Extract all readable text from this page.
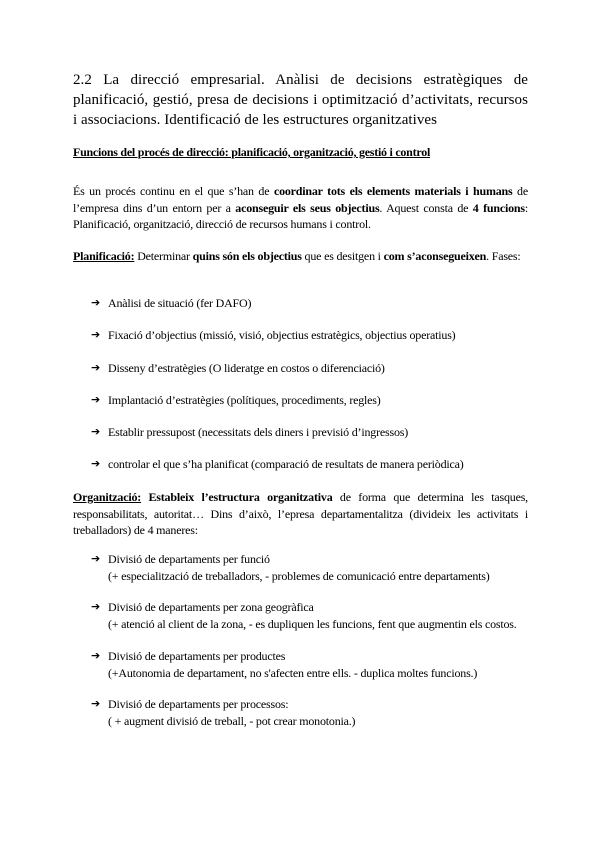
2.2 La direcció empresarial. Anàlisi de decisions estratègiques de planificació, gestió, presa de decisions i optimització d’activitats, recursos i associacions. Identificació de les estructures organitzatives
Funcions del procés de direcció: planificació, organització, gestió i control
És un procés continu en el que s’han de coordinar tots els elements materials i humans de l’empresa dins d’un entorn per a aconseguir els seus objectius. Aquest consta de 4 funcions: Planificació, organització, direcció de recursos humans i control.
Planificació: Determinar quins són els objectius que es desitgen i com s’aconsegueixen. Fases:
➔ Anàlisi de situació (fer DAFO)
➔ Fixació d’objectius (missió, visió, objectius estratègics, objectius operatius)
➔ Disseny d’estratègies (O lideratge en costos o diferenciació)
➔ Implantació d’estratègies (polítiques, procediments, regles)
➔ Establir pressupost (necessitats dels diners i previsió d’ingressos)
➔ controlar el que s’ha planificat (comparació de resultats de manera periòdica)
Organització: Estableix l’estructura organitzativa de forma que determina les tasques, responsabilitats, autoritat… Dins d’això, l’epresa departamentalitza (divideix les activitats i treballadors) de 4 maneres:
➔ Divisió de departaments per funció
(+ especialització de treballadors, - problemes de comunicació entre departaments)
➔ Divisió de departaments per zona geogràfica
(+ atenció al client de la zona, - es dupliquen les funcions, fent que augmentin els costos.
➔ Divisió de departaments per productes
(+Autonomia de departament, no s'afecten entre ells. - duplica moltes funcions.)
➔ Divisió de departaments per processos:
( + augment divisió de treball, - pot crear monotonia.)
